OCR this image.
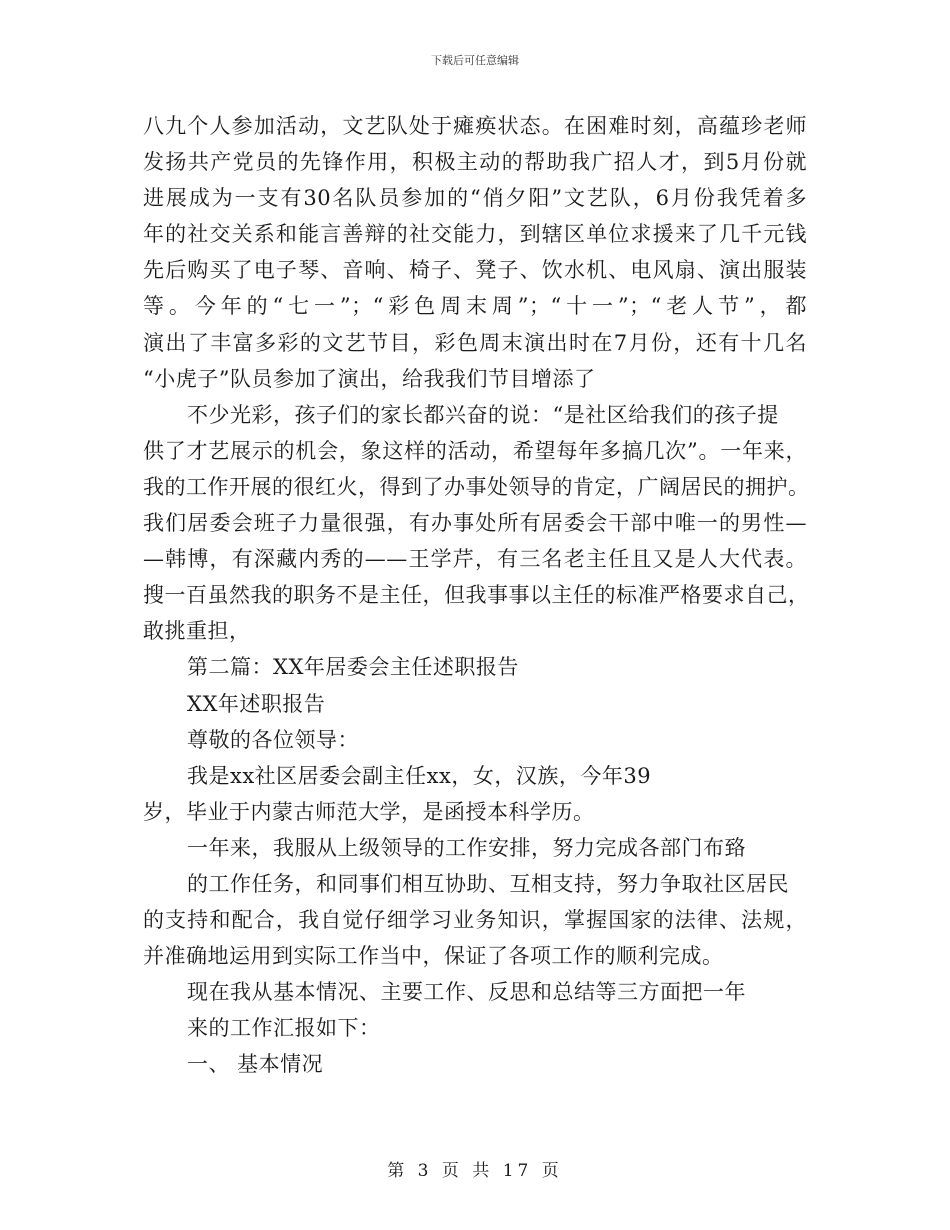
下载后可任意编辑
八九个人参加活动，文艺队处于瘫痪状态。在困难时刻，高蕴珍老师
发扬共产党员的先锋作用，积极主动的帮助我广招人才，到5月份就
进展成为一支有30名队员参加的“俏夕阳”文艺队，6月份我凭着多
年的社交关系和能言善辩的社交能力，到辖区单位求援来了几千元钱
先后购买了电子琴、音响、椅子、凳子、饮水机、电风扇、演出服装
等。今年的“七一”；“彩色周末周”；“十一”；“老人节”，都
演出了丰富多彩的文艺节目，彩色周末演出时在7月份，还有十几名
“小虎子”队员参加了演出，给我我们节目增添了
不少光彩，孩子们的家长都兴奋的说：“是社区给我们的孩子提
供了才艺展示的机会，象这样的活动，希望每年多搞几次”。一年来，
我的工作开展的很红火，得到了办事处领导的肯定，广阔居民的拥护。
我们居委会班子力量很强，有办事处所有居委会干部中唯一的男性—
—韩博，有深藏内秀的——王学芹，有三名老主任且又是人大代表。
搜一百虽然我的职务不是主任，但我事事以主任的标准严格要求自己，
敢挑重担，
第二篇：XX年居委会主任述职报告
XX年述职报告
尊敬的各位领导：
我是xx社区居委会副主任xx，女，汉族，今年39
岁，毕业于内蒙古师范大学，是函授本科学历。
一年来，我服从上级领导的工作安排，努力完成各部门布臵
的工作任务，和同事们相互协助、互相支持，努力争取社区居民
的支持和配合，我自觉仔细学习业务知识，掌握国家的法律、法规，
并准确地运用到实际工作当中，保证了各项工作的顺利完成。
现在我从基本情况、主要工作、反思和总结等三方面把一年
来的工作汇报如下：
一、 基本情况
第 3 页 共 17 页
